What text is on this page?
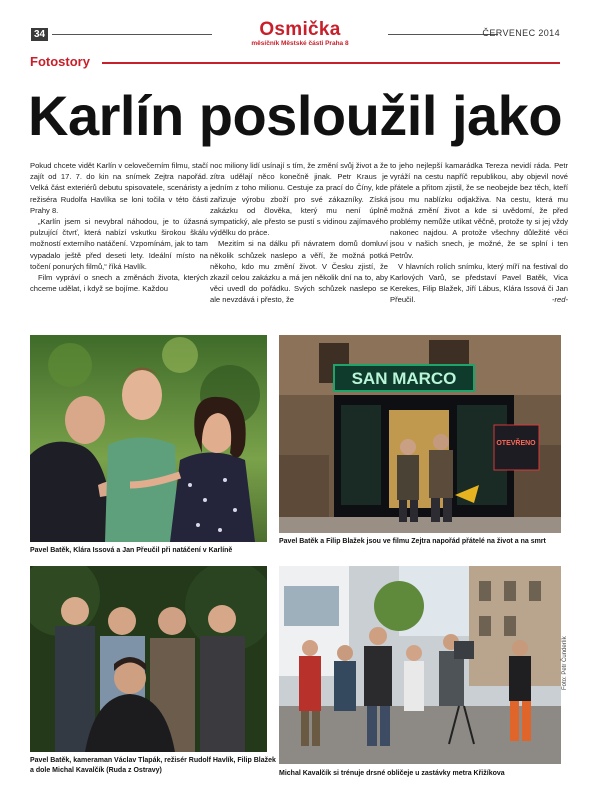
34	Osmička
měsíčník Městské části Praha 8
ČERVENEC 2014
Fotostory
Karlín posloužil jako

Pokud chcete vidět Karlín v celovečerním filmu, stačí zajít od 17. 7. do kin na snímek Zejtra napořád. Velká část exteriérů debutu spisovatele, scenáristy a režiséra Rudolfa Havlíka se loni točila v této části Prahy 8.

„Karlín jsem si nevybral náhodou, je to úžasná pulzující čtvrť, která nabízí vskutku širokou škálu možností externího natáčení. Vzpomínám, jak to tam vypadalo ještě před deseti lety. Ideální místo na točení ponurých filmů,“ říká Havlík.

Film vypráví o snech a změnách života, kterých chceme udělat, i když se bojíme. Každou

noc miliony lidí usínají s tím, že změní svůj život a že zítra udělají něco konečně jinak. Petr Kraus je jedním z toho milionu. Cestuje za prací do Číny, kde zařizuje výrobu zboží pro své zákazníky. Získá zakázku od člověka, který mu není úplně sympatický, ale přesto se pustí s vidinou zajímavého výdělku do práce.

Mezitím si na dálku při návratem domů domluví několik schůzek naslepo a věří, že možná potká někoho, kdo mu změní život. V Česku zjistí, že zkazil celou zakázku a má jen několik dní na to, aby věci uvedl do pořádku. Svých schůzek naslepo se ale nevzdává i přesto, že

to jeho nejlepší kamarádka Tereza nevidí ráda. Petr vyráží na cestu napříč republikou, aby objevil nové přátele a přitom zjistil, že se neobejde bez těch, kteří jsou mu nablízku odjakživa. Na cestu, která mu možná změní život a kde si uvědomí, že před problémy nemůže utíkat věčně, protože ty si jej vždy nakonec najdou. A protože všechny důležité věci jsou v našich snech, je možné, že se splní i ten Petrův.

V hlavních rolích snímku, který míří na festival do Karlových Varů, se představí Pavel Batěk, Vica Kerekes, Filip Blažek, Jiří Lábus, Klára Issová či Jan Přeučil.	-red-

Pavel Batěk, Klára Issová a Jan Přeučil při natáčení v Karlíně
SAN MARCO
OTEVŘENO
Pavel Batěk a Filip Blažek jsou ve filmu Zejtra napořád přátelé na život a na smrt
Pavel Batěk, kameraman Václav Tlapák, režisér Rudolf Havlík, Filip Blažek a dole Michal Kavalčík (Ruda z Ostravy)	Michal Kavalčík si trénuje drsné obličeje u zastávky metra Křižíkova
Foto: Petr Čunderlík
